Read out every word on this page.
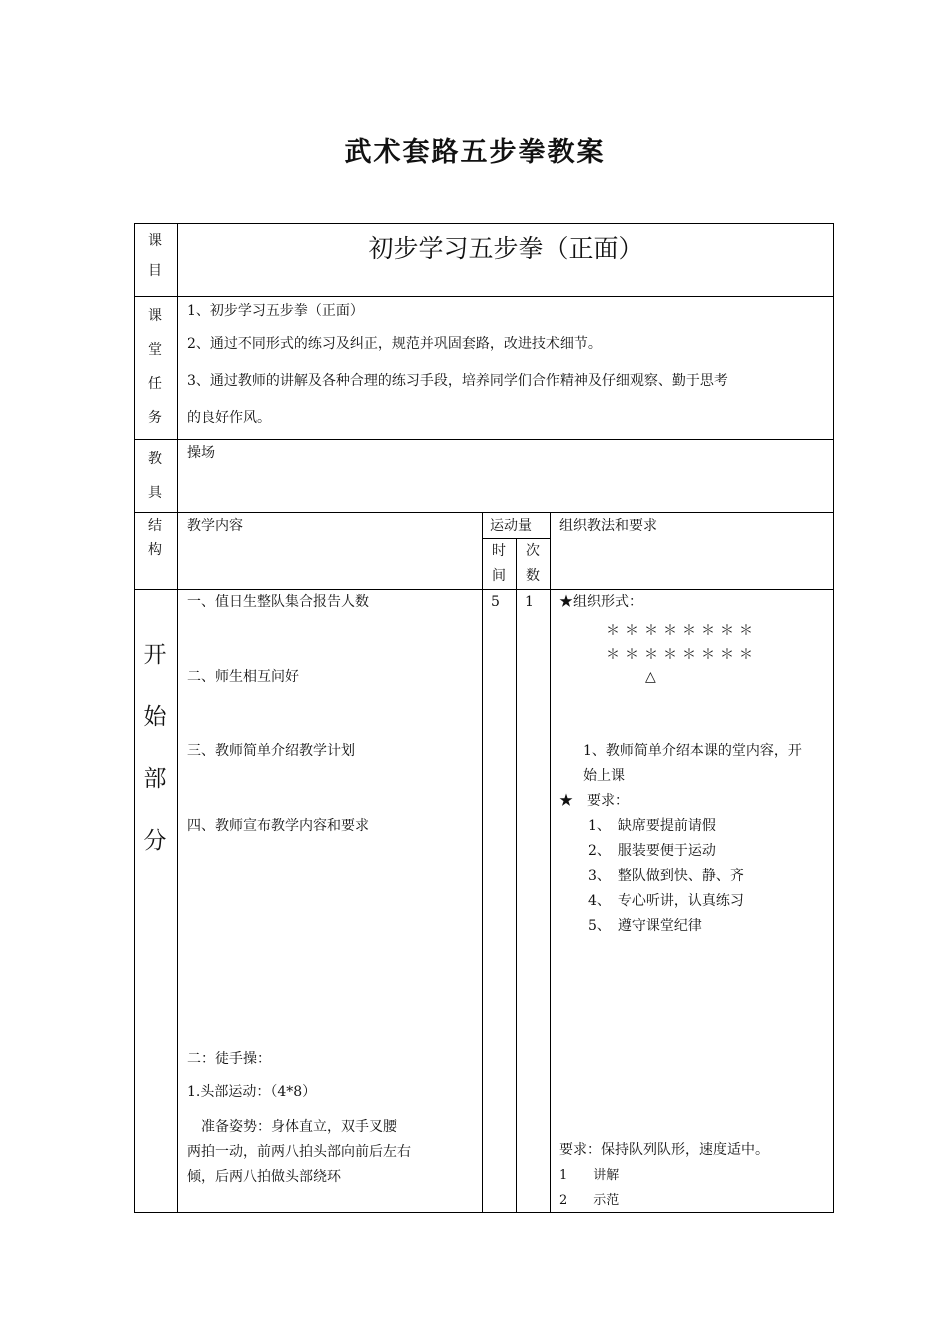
武术套路五步拳教案
课
目
初步学习五步拳（正面）
课
堂
任
务
1、初步学习五步拳（正面）
2、通过不同形式的练习及纠正，规范并巩固套路，改进技术细节。
3、通过教师的讲解及各种合理的练习手段，培养同学们合作精神及仔细观察、勤于思考
的良好作风。
教
具
操场
结
构
教学内容	运动量
时
间
次
数
组织教法和要求
开
始
部
分
一、值日生整队集合报告人数
二、师生相互问好
三、教师简单介绍教学计划
四、教师宣布教学内容和要求
5 1 ★组织形式：
＊＊＊＊＊＊＊＊
＊＊＊＊＊＊＊＊
△
1、教师简单介绍本课的堂内容，开
始上课
★　要求：
1、　缺席要提前请假
2、　服装要便于运动
3、　整队做到快、静、齐
4、　专心听讲，认真练习
5、　遵守课堂纪律
二：徒手操：
1.头部运动：（4*8）
　准备姿势：身体直立，双手叉腰
两拍一动，前两八拍头部向前后左右
倾，后两八拍做头部绕环
要求：保持队列队形，速度适中。
1　　讲解
2　　示范
